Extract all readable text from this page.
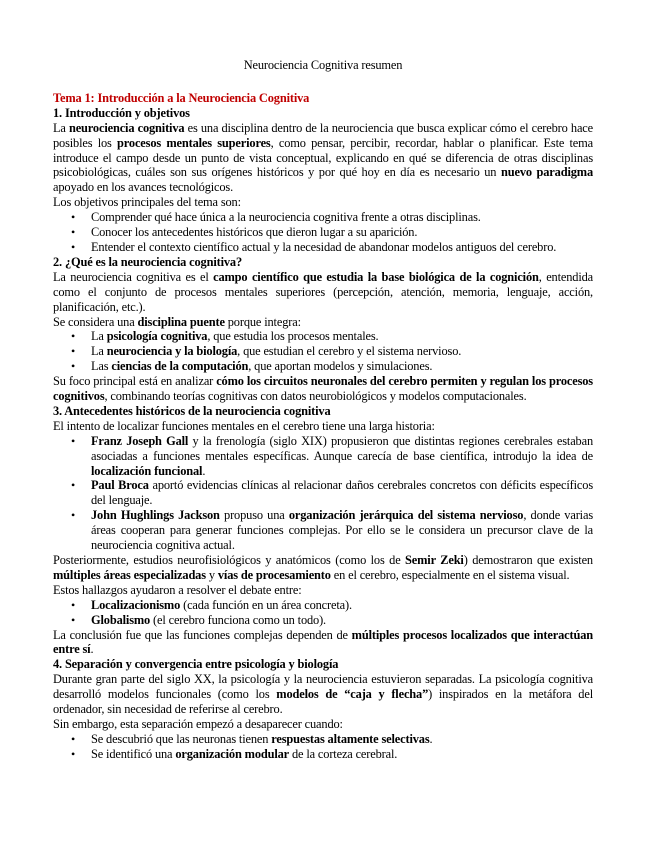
Neurociencia Cognitiva resumen
Tema 1: Introducción a la Neurociencia Cognitiva
1. Introducción y objetivos

La neurociencia cognitiva es una disciplina dentro de la neurociencia que busca explicar cómo el cerebro hace posibles los procesos mentales superiores, como pensar, percibir, recordar, hablar o planificar. Este tema introduce el campo desde un punto de vista conceptual, explicando en qué se diferencia de otras disciplinas psicobiológicas, cuáles son sus orígenes históricos y por qué hoy en día es necesario un nuevo paradigma apoyado en los avances tecnológicos.

Los objetivos principales del tema son:

• Comprender qué hace única a la neurociencia cognitiva frente a otras disciplinas.
• Conocer los antecedentes históricos que dieron lugar a su aparición.
• Entender el contexto científico actual y la necesidad de abandonar modelos antiguos del cerebro.
2. ¿Qué es la neurociencia cognitiva?

La neurociencia cognitiva es el campo científico que estudia la base biológica de la cognición, entendida como el conjunto de procesos mentales superiores (percepción, atención, memoria, lenguaje, acción, planificación, etc.).

Se considera una disciplina puente porque integra:

• La psicología cognitiva, que estudia los procesos mentales.
• La neurociencia y la biología, que estudian el cerebro y el sistema nervioso.
• Las ciencias de la computación, que aportan modelos y simulaciones.

Su foco principal está en analizar cómo los circuitos neuronales del cerebro permiten y regulan los procesos cognitivos, combinando teorías cognitivas con datos neurobiológicos y modelos computacionales.

3. Antecedentes históricos de la neurociencia cognitiva

El intento de localizar funciones mentales en el cerebro tiene una larga historia:

• Franz Joseph Gall y la frenología (siglo XIX) propusieron que distintas regiones cerebrales estaban asociadas a funciones mentales específicas. Aunque carecía de base científica, introdujo la idea de localización funcional.
• Paul Broca aportó evidencias clínicas al relacionar daños cerebrales concretos con déficits específicos del lenguaje.
• John Hughlings Jackson propuso una organización jerárquica del sistema nervioso, donde varias áreas cooperan para generar funciones complejas. Por ello se le considera un precursor clave de la neurociencia cognitiva actual.

Posteriormente, estudios neurofisiológicos y anatómicos (como los de Semir Zeki) demostraron que existen múltiples áreas especializadas y vías de procesamiento en el cerebro, especialmente en el sistema visual.

Estos hallazgos ayudaron a resolver el debate entre:

• Localizacionismo (cada función en un área concreta).
• Globalismo (el cerebro funciona como un todo).

La conclusión fue que las funciones complejas dependen de múltiples procesos localizados que interactúan entre sí.

4. Separación y convergencia entre psicología y biología

Durante gran parte del siglo XX, la psicología y la neurociencia estuvieron separadas. La psicología cognitiva desarrolló modelos funcionales (como los modelos de “caja y flecha”) inspirados en la metáfora del ordenador, sin necesidad de referirse al cerebro.

Sin embargo, esta separación empezó a desaparecer cuando:

• Se descubrió que las neuronas tienen respuestas altamente selectivas.
• Se identificó una organización modular de la corteza cerebral.
